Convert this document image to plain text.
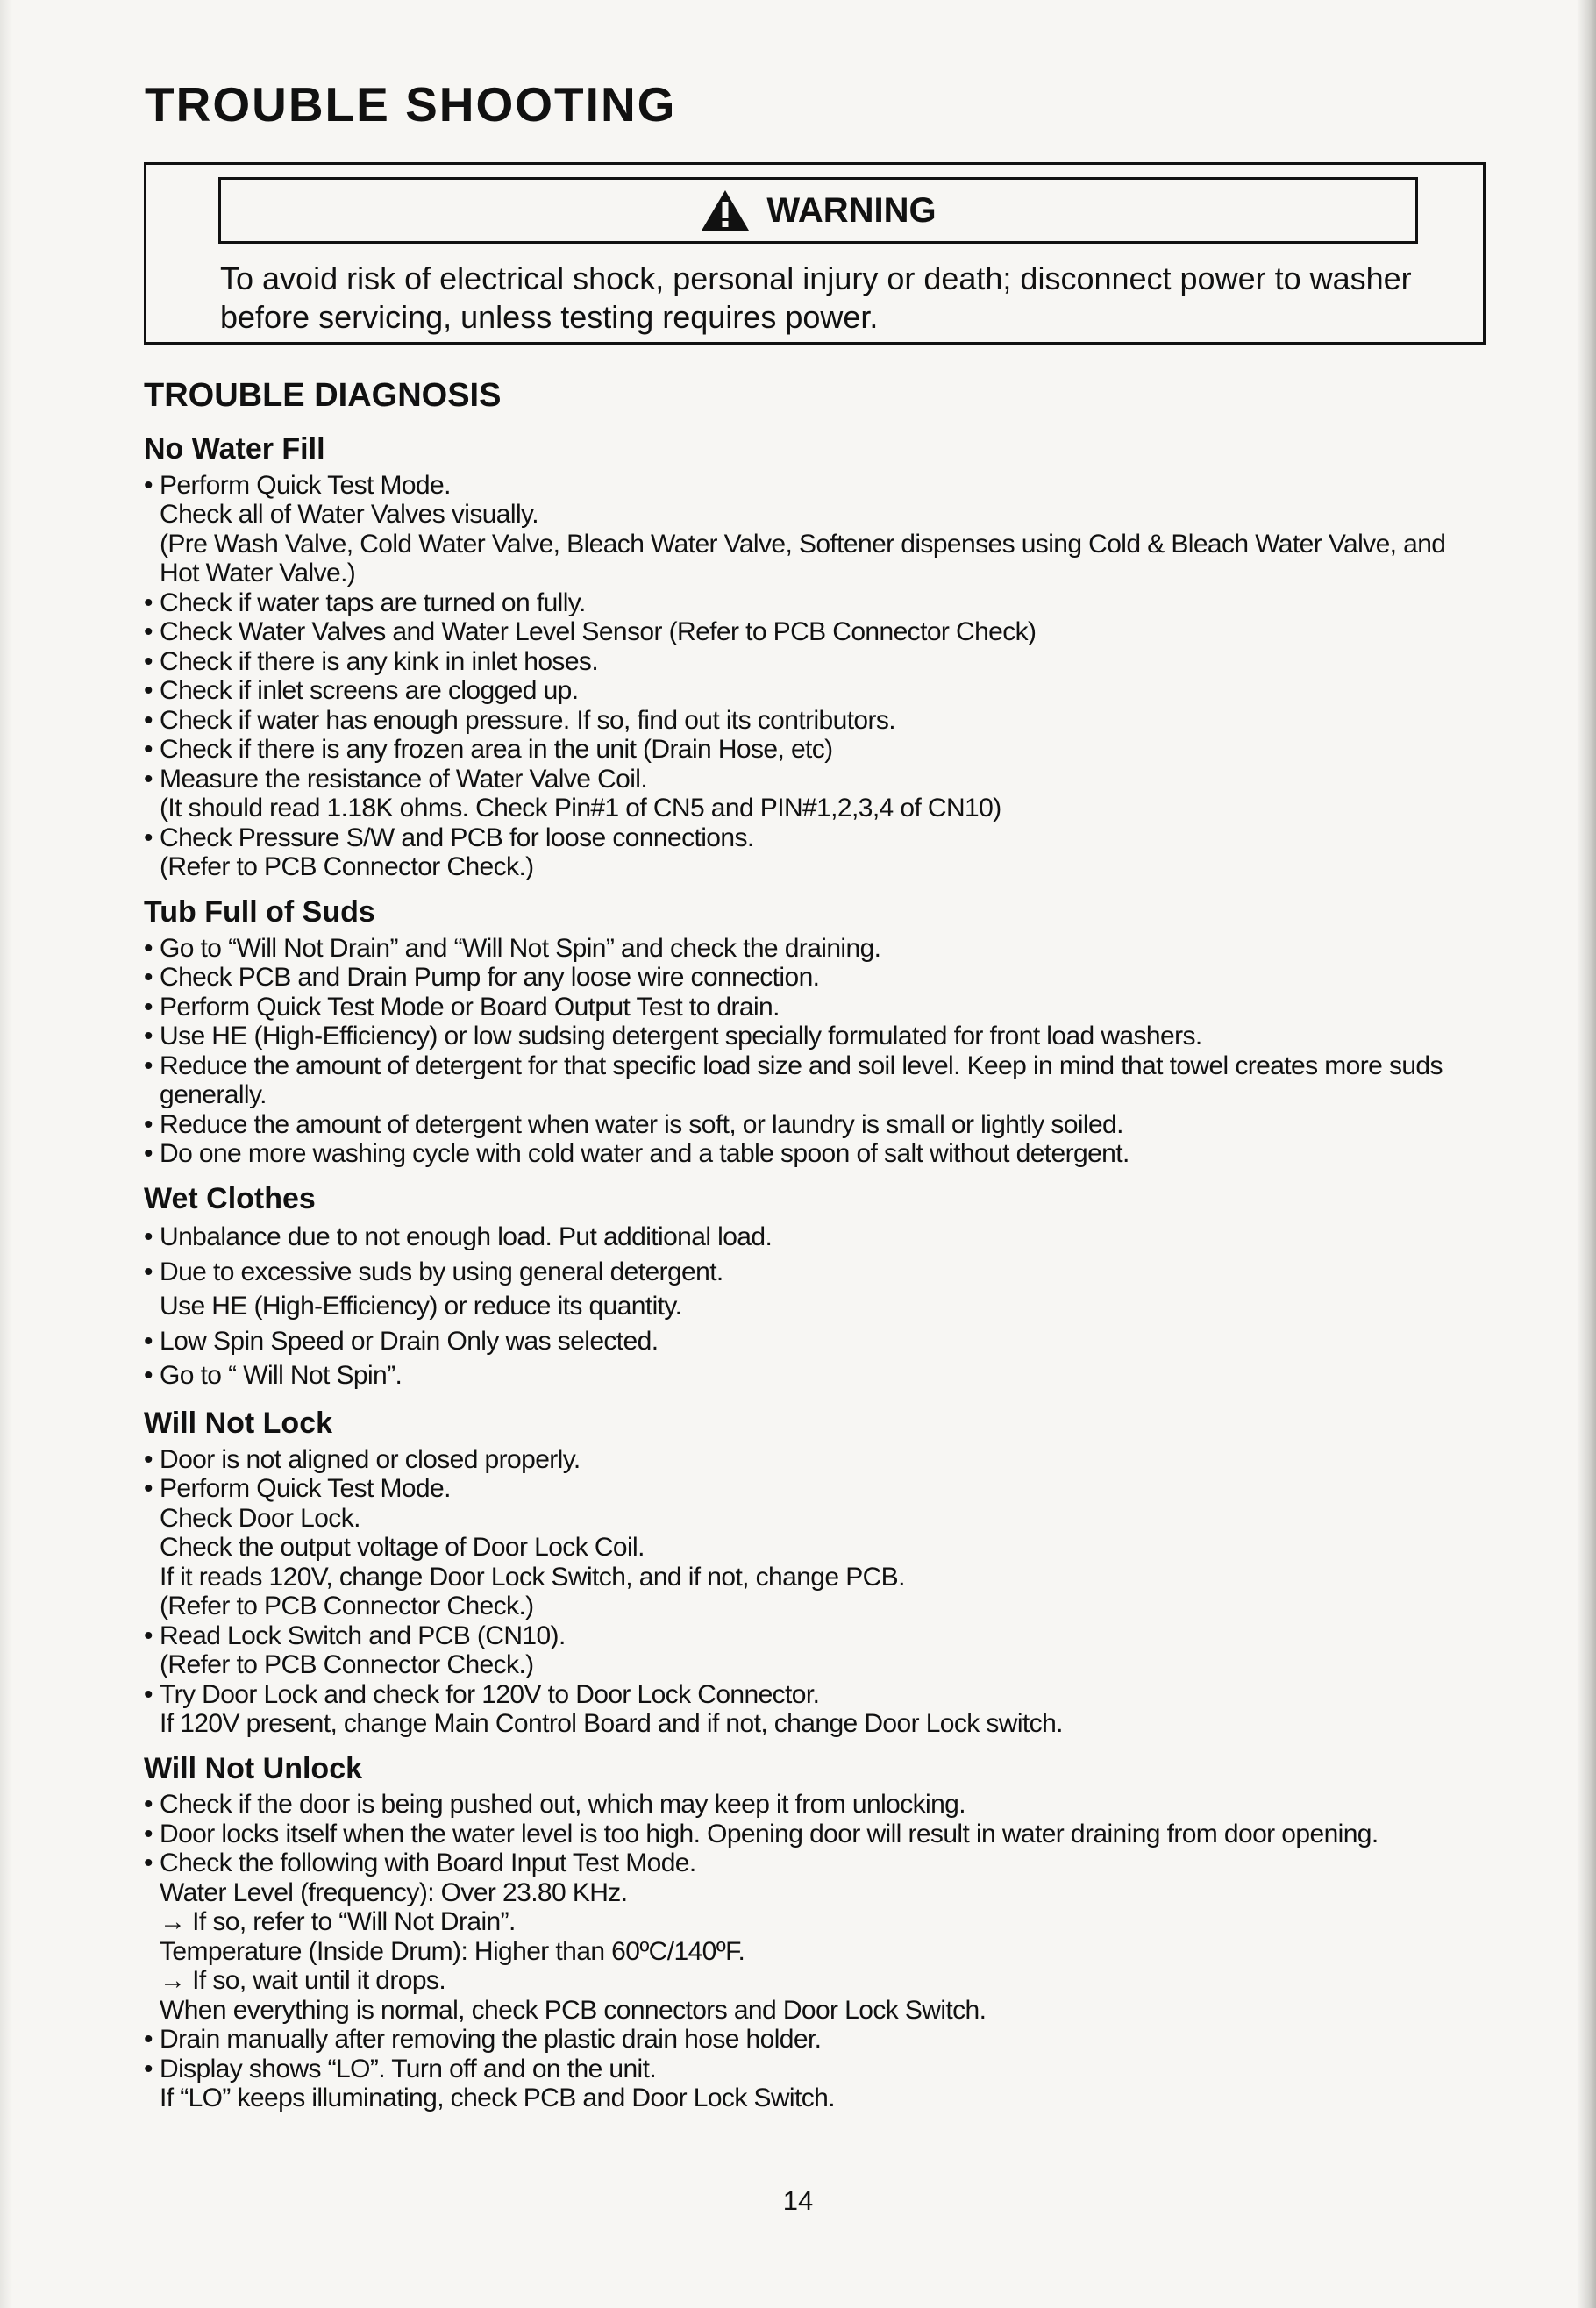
TROUBLE SHOOTING
WARNING

To avoid risk of electrical shock, personal injury or death; disconnect power to washer before servicing, unless testing requires power.

TROUBLE DIAGNOSIS
No Water Fill
• Perform Quick Test Mode.
Check all of Water Valves visually.
(Pre Wash Valve, Cold Water Valve, Bleach Water Valve, Softener dispenses using Cold & Bleach Water Valve, and Hot Water Valve.)
• Check if water taps are turned on fully.
• Check Water Valves and Water Level Sensor (Refer to PCB Connector Check)
• Check if there is any kink in inlet hoses.
• Check if inlet screens are clogged up.
• Check if water has enough pressure. If so, find out its contributors.
• Check if there is any frozen area in the unit (Drain Hose, etc)
• Measure the resistance of Water Valve Coil.
(It should read 1.18K ohms. Check Pin#1 of CN5 and PIN#1,2,3,4 of CN10)
• Check Pressure S/W and PCB for loose connections.
(Refer to PCB Connector Check.)
Tub Full of Suds
• Go to “Will Not Drain” and “Will Not Spin” and check the draining.
• Check PCB and Drain Pump for any loose wire connection.
• Perform Quick Test Mode or Board Output Test to drain.
• Use HE (High-Efficiency) or low sudsing detergent specially formulated for front load washers.
• Reduce the amount of detergent for that specific load size and soil level. Keep in mind that towel creates more suds generally.
• Reduce the amount of detergent when water is soft, or laundry is small or lightly soiled.
• Do one more washing cycle with cold water and a table spoon of salt without detergent.
Wet Clothes
• Unbalance due to not enough load. Put additional load.
• Due to excessive suds by using general detergent.
Use HE (High-Efficiency) or reduce its quantity.
• Low Spin Speed or Drain Only was selected.
• Go to “ Will Not Spin”.
Will Not Lock
• Door is not aligned or closed properly.
• Perform Quick Test Mode.
Check Door Lock.
Check the output voltage of Door Lock Coil.
If it reads 120V, change Door Lock Switch, and if not, change PCB.
(Refer to PCB Connector Check.)
• Read Lock Switch and PCB (CN10).
(Refer to PCB Connector Check.)
• Try Door Lock and check for 120V to Door Lock Connector.
If 120V present, change Main Control Board and if not, change Door Lock switch.
Will Not Unlock
• Check if the door is being pushed out, which may keep it from unlocking.
• Door locks itself when the water level is too high. Opening door will result in water draining from door opening.
• Check the following with Board Input Test Mode.
Water Level (frequency): Over 23.80 KHz.
→ If so, refer to “Will Not Drain”.
Temperature (Inside Drum): Higher than 60ºC/140ºF.
→ If so, wait until it drops.
When everything is normal, check PCB connectors and Door Lock Switch.
• Drain manually after removing the plastic drain hose holder.
• Display shows “LO”. Turn off and on the unit.
If “LO” keeps illuminating, check PCB and Door Lock Switch.
14
